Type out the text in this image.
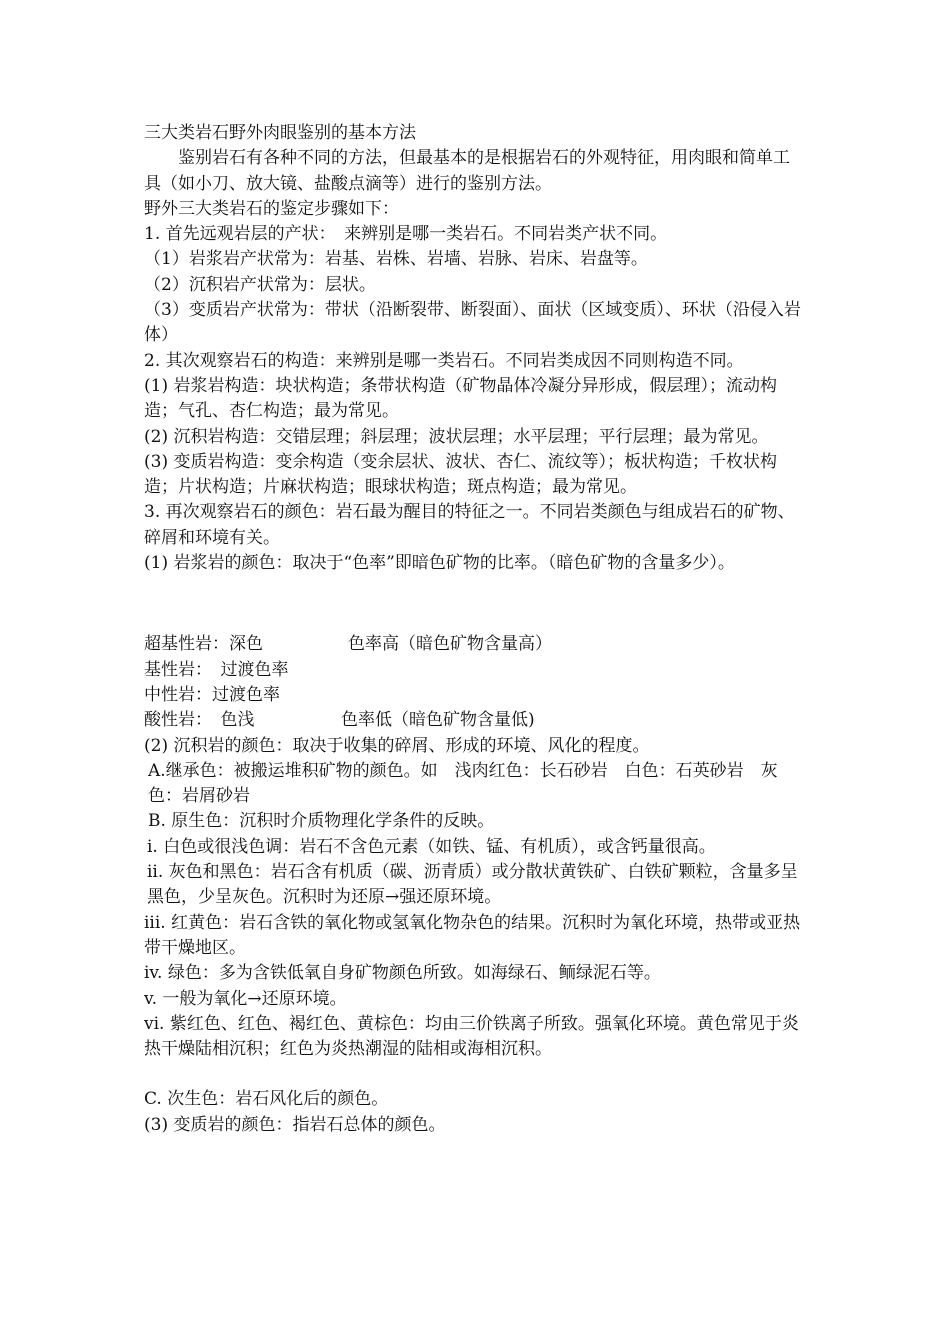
三大类岩石野外肉眼鉴别的基本方法
鉴别岩石有各种不同的方法，但最基本的是根据岩石的外观特征，用肉眼和简单工具（如小刀、放大镜、盐酸点滴等）进行的鉴别方法。
野外三大类岩石的鉴定步骤如下：
1. 首先远观岩层的产状：　来辨别是哪一类岩石。不同岩类产状不同。
（1）岩浆岩产状常为：岩基、岩株、岩墙、岩脉、岩床、岩盘等。
（2）沉积岩产状常为：层状。
（3）变质岩产状常为：带状（沿断裂带、断裂面）、面状（区域变质）、环状（沿侵入岩体）
2. 其次观察岩石的构造：来辨别是哪一类岩石。不同岩类成因不同则构造不同。
(1) 岩浆岩构造：块状构造；条带状构造（矿物晶体冷凝分异形成，假层理）；流动构造；气孔、杏仁构造；最为常见。
(2) 沉积岩构造：交错层理；斜层理；波状层理；水平层理；平行层理；最为常见。
(3) 变质岩构造：变余构造（变余层状、波状、杏仁、流纹等）；板状构造；千枚状构造；片状构造；片麻状构造；眼球状构造；斑点构造；最为常见。
3. 再次观察岩石的颜色：岩石最为醒目的特征之一。不同岩类颜色与组成岩石的矿物、碎屑和环境有关。
(1) 岩浆岩的颜色：取决于“色率”即暗色矿物的比率。（暗色矿物的含量多少）。
超基性岩：深色	色率高（暗色矿物含量高）
基性岩：　过渡色率
中性岩：过渡色率
酸性岩：　色浅	色率低（暗色矿物含量低)
(2) 沉积岩的颜色：取决于收集的碎屑、形成的环境、风化的程度。
A.继承色：被搬运堆积矿物的颜色。如　浅肉红色：长石砂岩　白色：石英砂岩　灰色：岩屑砂岩
B. 原生色：沉积时介质物理化学条件的反映。
i. 白色或很浅色调：岩石不含色元素（如铁、锰、有机质），或含钙量很高。
ii. 灰色和黑色：岩石含有机质（碳、沥青质）或分散状黄铁矿、白铁矿颗粒，含量多呈黑色，少呈灰色。沉积时为还原→强还原环境。
iii. 红黄色：岩石含铁的氧化物或氢氧化物杂色的结果。沉积时为氧化环境，热带或亚热带干燥地区。
iv. 绿色：多为含铁低氧自身矿物颜色所致。如海绿石、鲕绿泥石等。
v. 一般为氧化→还原环境。
vi. 紫红色、红色、褐红色、黄棕色：均由三价铁离子所致。强氧化环境。黄色常见于炎热干燥陆相沉积；红色为炎热潮湿的陆相或海相沉积。
C. 次生色：岩石风化后的颜色。
(3) 变质岩的颜色：指岩石总体的颜色。
